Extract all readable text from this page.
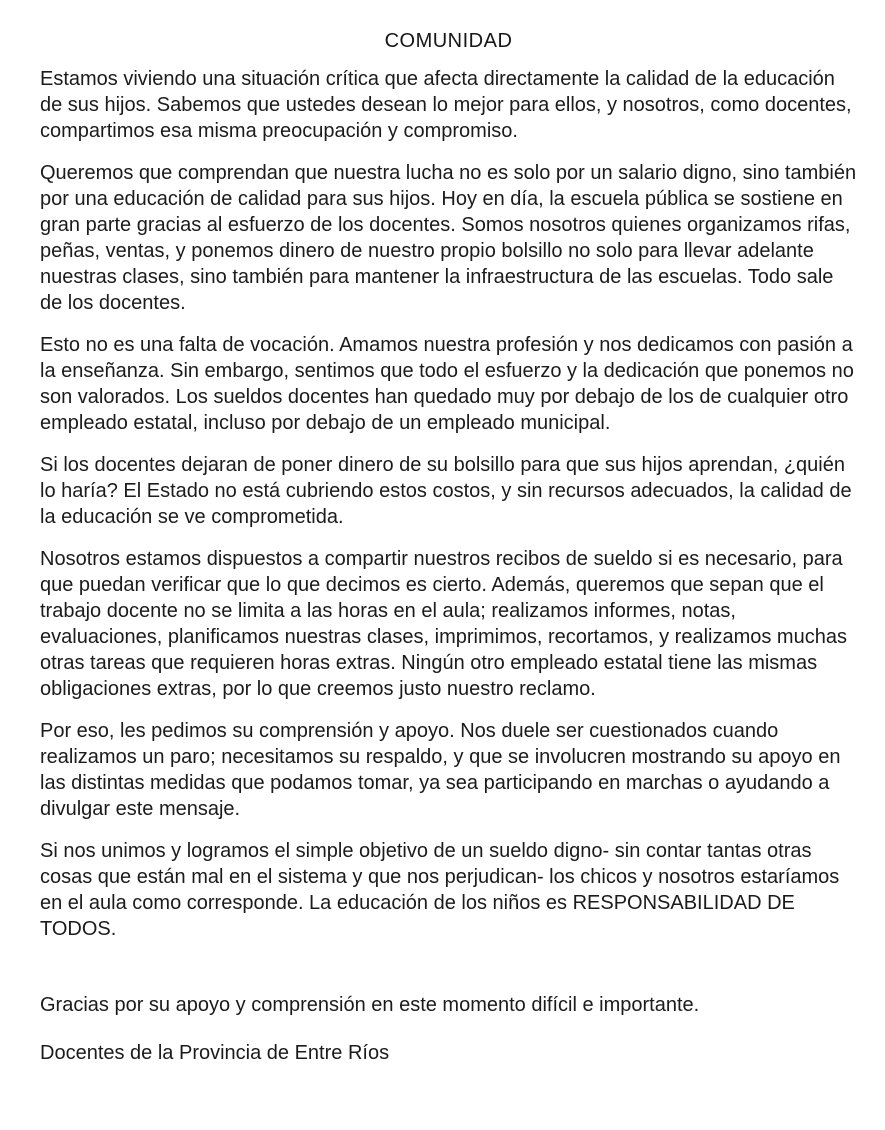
COMUNIDAD

Estamos viviendo una situación crítica que afecta directamente la calidad de la educación de sus hijos. Sabemos que ustedes desean lo mejor para ellos, y nosotros, como docentes, compartimos esa misma preocupación y compromiso.

Queremos que comprendan que nuestra lucha no es solo por un salario digno, sino también por una educación de calidad para sus hijos. Hoy en día, la escuela pública se sostiene en gran parte gracias al esfuerzo de los docentes. Somos nosotros quienes organizamos rifas, peñas, ventas, y ponemos dinero de nuestro propio bolsillo no solo para llevar adelante nuestras clases, sino también para mantener la infraestructura de las escuelas. Todo sale de los docentes.

Esto no es una falta de vocación. Amamos nuestra profesión y nos dedicamos con pasión a la enseñanza. Sin embargo, sentimos que todo el esfuerzo y la dedicación que ponemos no son valorados. Los sueldos docentes han quedado muy por debajo de los de cualquier otro empleado estatal, incluso por debajo de un empleado municipal.

Si los docentes dejaran de poner dinero de su bolsillo para que sus hijos aprendan, ¿quién lo haría? El Estado no está cubriendo estos costos, y sin recursos adecuados, la calidad de la educación se ve comprometida.

Nosotros estamos dispuestos a compartir nuestros recibos de sueldo si es necesario, para que puedan verificar que lo que decimos es cierto. Además, queremos que sepan que el trabajo docente no se limita a las horas en el aula; realizamos informes, notas, evaluaciones, planificamos nuestras clases, imprimimos, recortamos, y realizamos muchas otras tareas que requieren horas extras. Ningún otro empleado estatal tiene las mismas obligaciones extras, por lo que creemos justo nuestro reclamo.

Por eso, les pedimos su comprensión y apoyo. Nos duele ser cuestionados cuando realizamos un paro; necesitamos su respaldo, y que se involucren mostrando su apoyo en las distintas medidas que podamos tomar, ya sea participando en marchas o ayudando a divulgar este mensaje.

Si nos unimos y logramos el simple objetivo de un sueldo digno- sin contar tantas otras cosas que están mal en el sistema y que nos perjudican- los chicos y nosotros estaríamos en el aula como corresponde. La educación de los niños es RESPONSABILIDAD DE TODOS.

Gracias por su apoyo y comprensión en este momento difícil e importante.

Docentes de la Provincia de Entre Ríos
